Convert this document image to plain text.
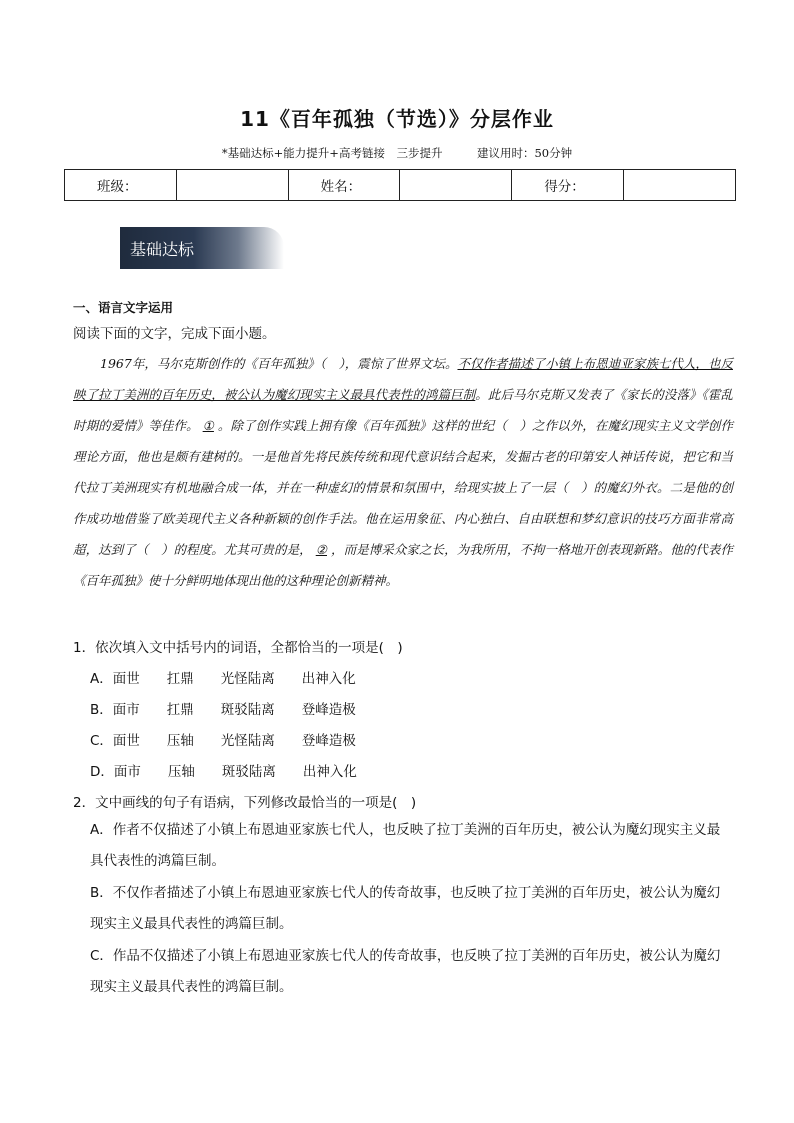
11《百年孤独（节选）》分层作业
*基础达标+能力提升+高考链接　三步提升　　　建议用时：50分钟
班级：		姓名：		得分：	
基础达标
一、语言文字运用
阅读下面的文字，完成下面小题。

1967年，马尔克斯创作的《百年孤独》（　），震惊了世界文坛。不仅作者描述了小镇上布恩迪亚家族七代人，也反映了拉丁美洲的百年历史，被公认为魔幻现实主义最具代表性的鸿篇巨制。此后马尔克斯又发表了《家长的没落》《霍乱时期的爱情》等佳作。 ① 。除了创作实践上拥有像《百年孤独》这样的世纪（　）之作以外，在魔幻现实主义文学创作理论方面，他也是颇有建树的。一是他首先将民族传统和现代意识结合起来，发掘古老的印第安人神话传说，把它和当代拉丁美洲现实有机地融合成一体，并在一种虚幻的情景和氛围中，给现实披上了一层（　）的魔幻外衣。二是他的创作成功地借鉴了欧美现代主义各种新颖的创作手法。他在运用象征、内心独白、自由联想和梦幻意识的技巧方面非常高超，达到了（　）的程度。尤其可贵的是， ② ，而是博采众家之长，为我所用，不拘一格地开创表现新路。他的代表作《百年孤独》使十分鲜明地体现出他的这种理论创新精神。

1．依次填入文中括号内的词语，全都恰当的一项是(　)
A．面世　　扛鼎　　光怪陆离　　出神入化
B．面市　　扛鼎　　斑驳陆离　　登峰造极
C．面世　　压轴　　光怪陆离　　登峰造极
D．面市　　压轴　　斑驳陆离　　出神入化
2．文中画线的句子有语病，下列修改最恰当的一项是(　)
A．作者不仅描述了小镇上布恩迪亚家族七代人，也反映了拉丁美洲的百年历史，被公认为魔幻现实主义最具代表性的鸿篇巨制。
B．不仅作者描述了小镇上布恩迪亚家族七代人的传奇故事，也反映了拉丁美洲的百年历史，被公认为魔幻现实主义最具代表性的鸿篇巨制。
C．作品不仅描述了小镇上布恩迪亚家族七代人的传奇故事，也反映了拉丁美洲的百年历史，被公认为魔幻现实主义最具代表性的鸿篇巨制。
